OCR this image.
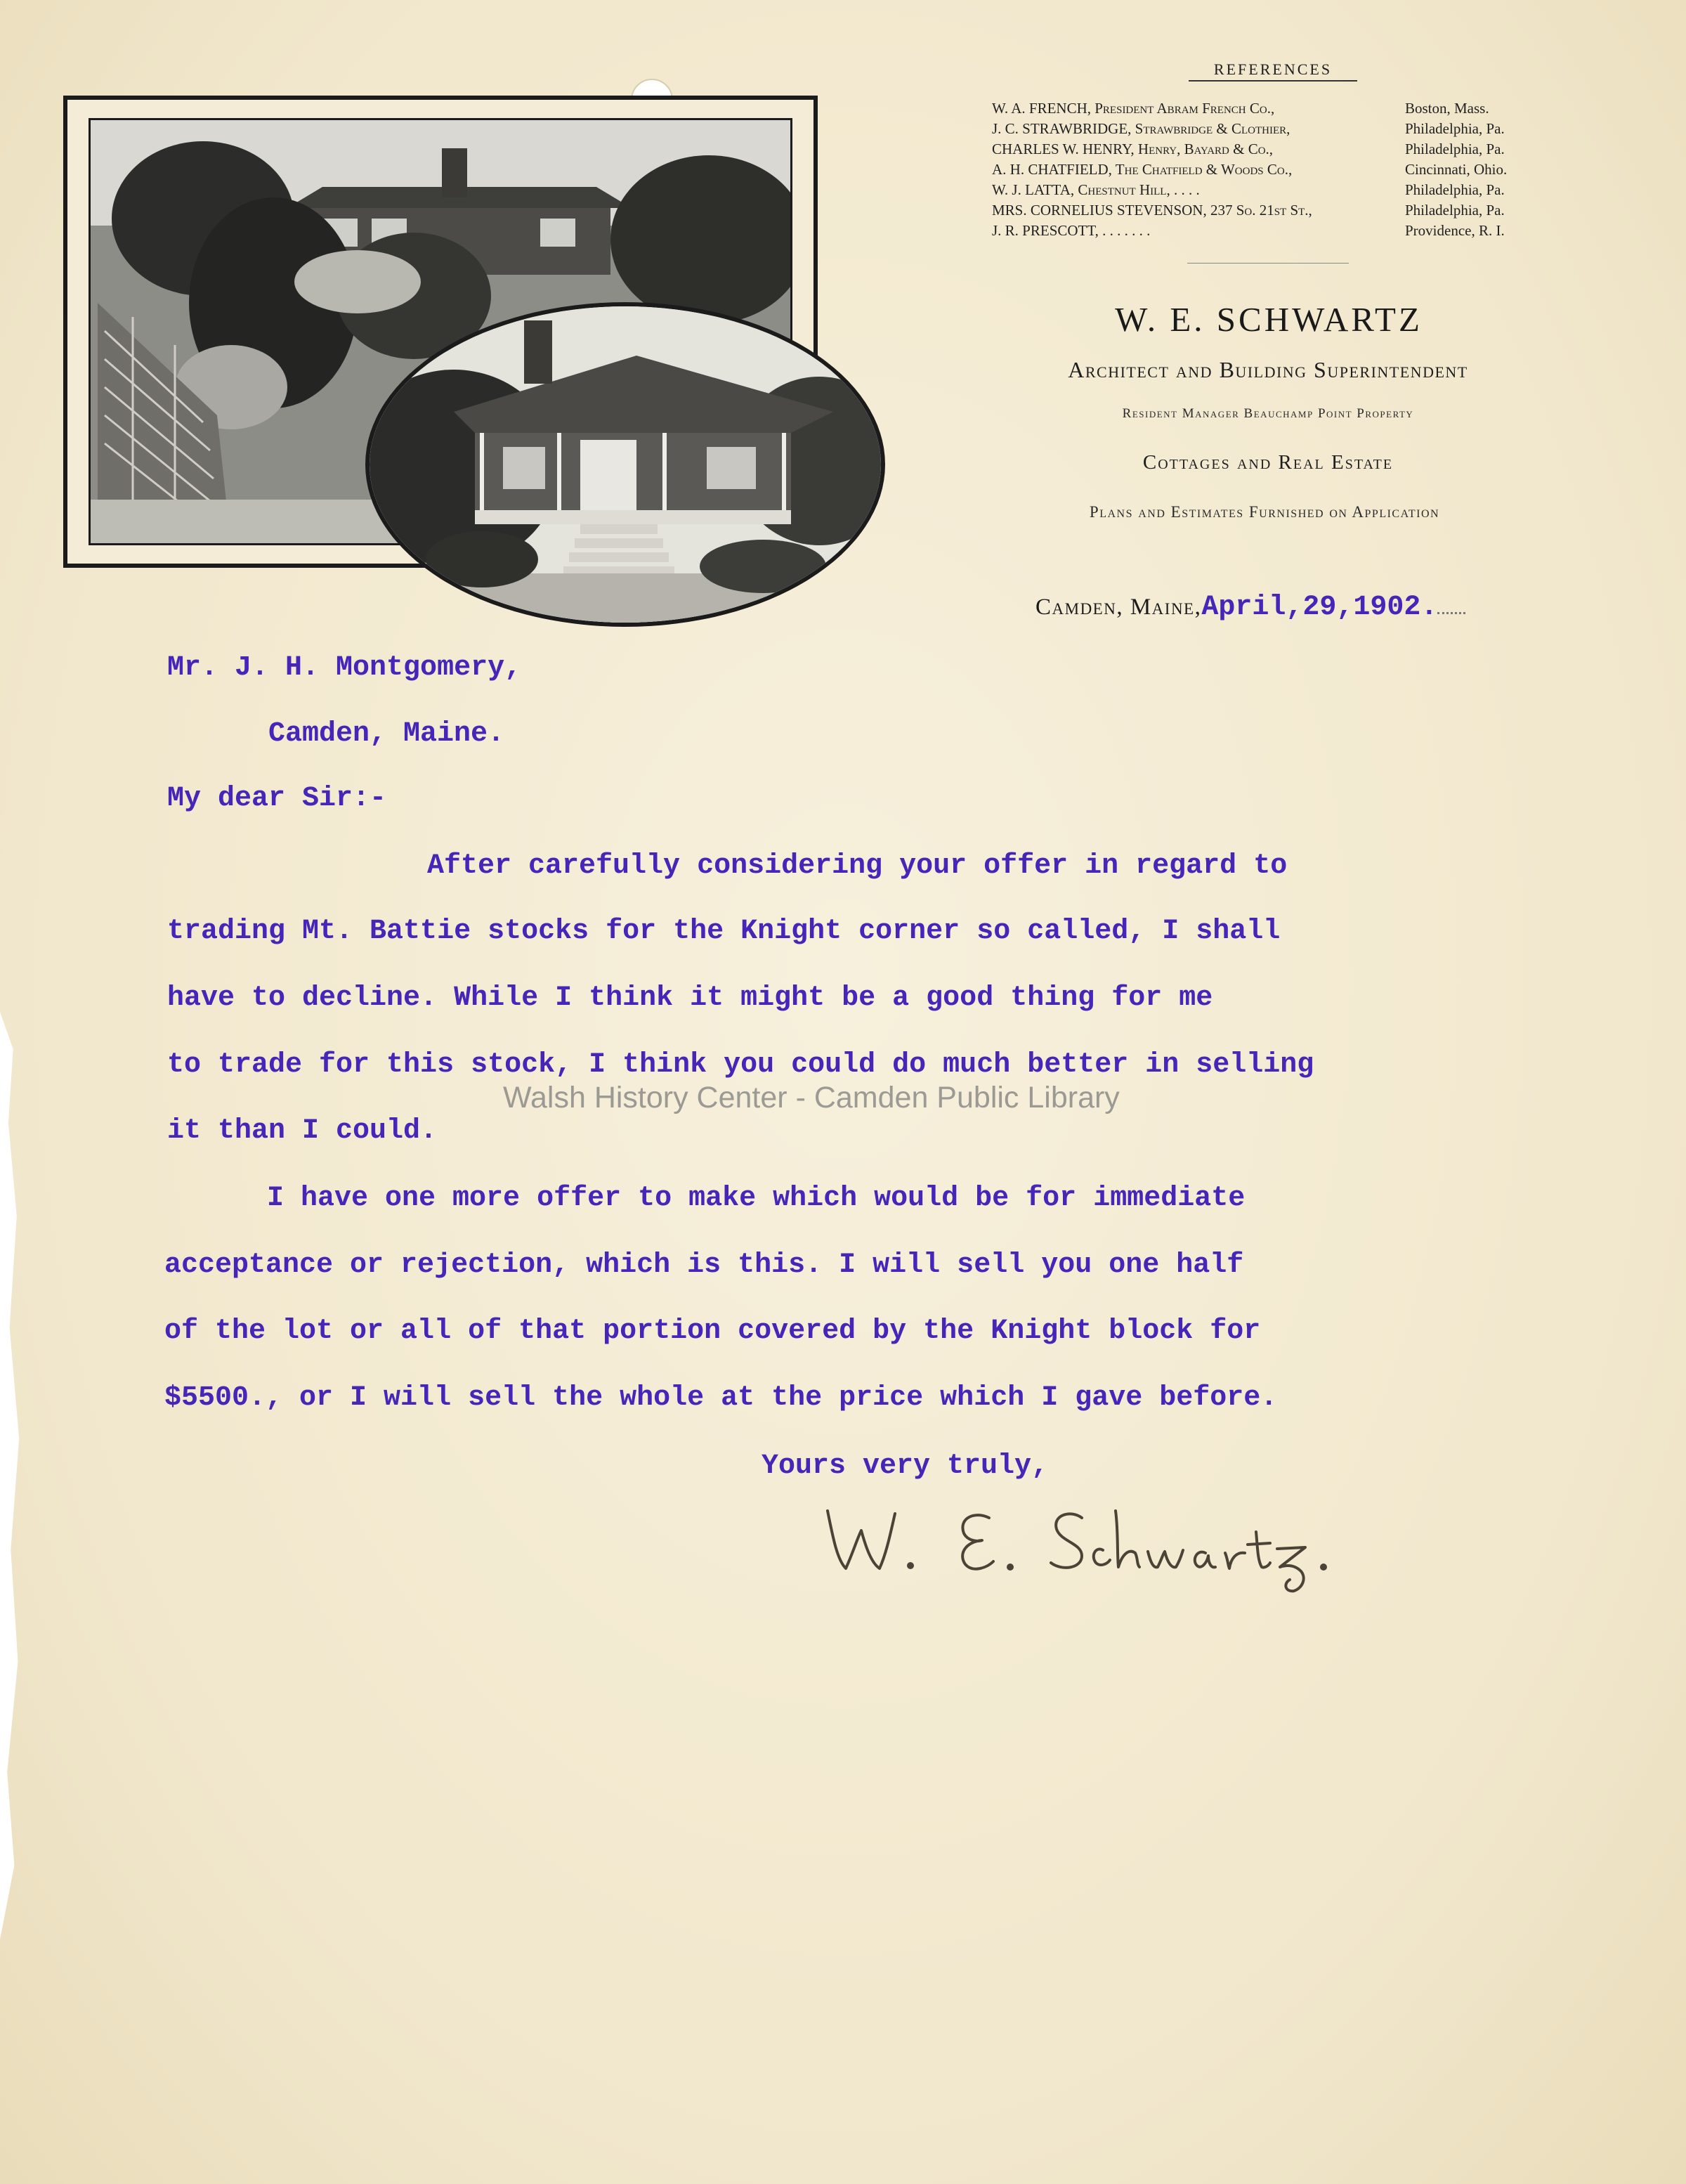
REFERENCES
W. A. FRENCH, President Abram French Co.,	Boston, Mass.
J. C. STRAWBRIDGE, Strawbridge & Clothier,	Philadelphia, Pa.
CHARLES W. HENRY, Henry, Bayard & Co.,	Philadelphia, Pa.
A. H. CHATFIELD, The Chatfield & Woods Co.,	Cincinnati, Ohio.
W. J. LATTA, Chestnut Hill, . . . .	Philadelphia, Pa.
MRS. CORNELIUS STEVENSON, 237 So. 21st St.,	Philadelphia, Pa.
J. R. PRESCOTT, . . . . . . .	Providence, R. I.
W. E. SCHWARTZ
Architect and Building Superintendent
Resident Manager Beauchamp Point Property
Cottages and Real Estate
Plans and Estimates Furnished on Application
Camden, Maine,April,29,1902.
Mr. J. H. Montgomery,
Camden, Maine.
My dear Sir:-
After carefully considering your offer in regard to
trading Mt. Battie stocks for the Knight corner so called, I shall
have to decline. While I think it might be a good thing for me
to trade for this stock, I think you could do much better in selling
it than I could.
I have one more offer to make which would be for immediate
acceptance or rejection, which is this. I will sell you one half
of the lot or all of that portion covered by the Knight block for
$5500., or I will sell the whole at the price which I gave before.
Yours very truly,
Walsh History Center - Camden Public Library
